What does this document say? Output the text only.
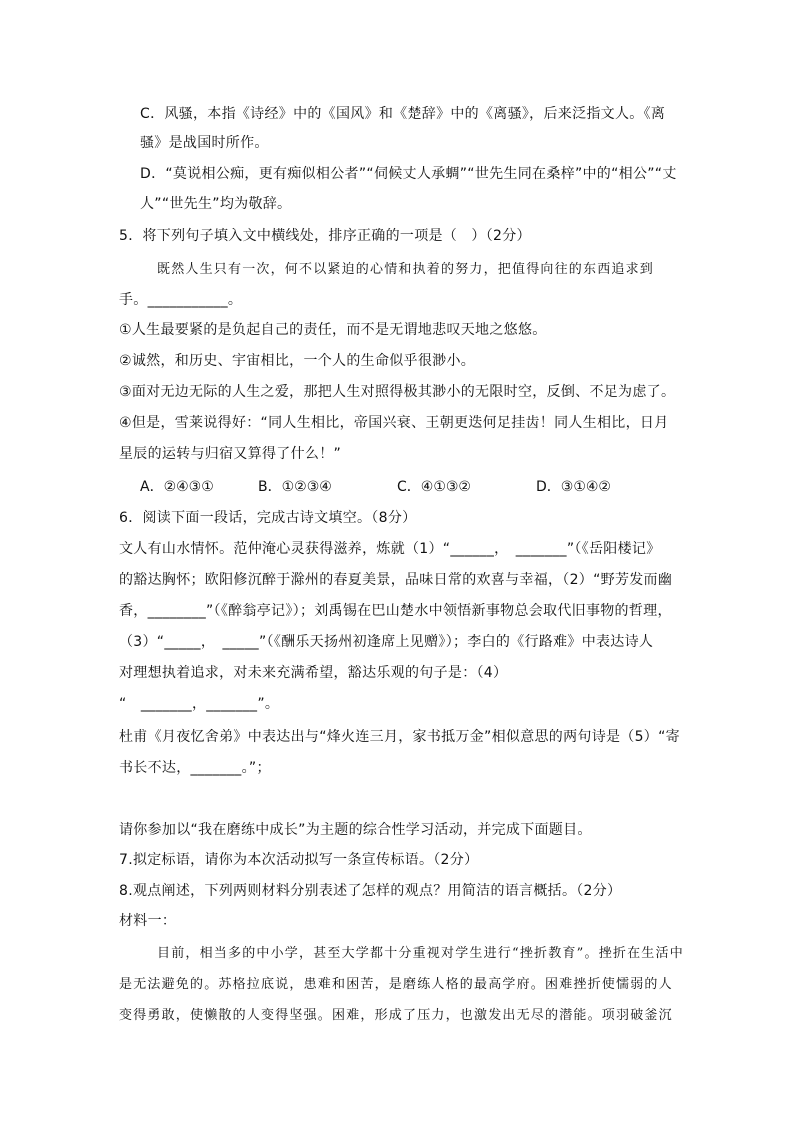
C．风骚，本指《诗经》中的《国风》和《楚辞》中的《离骚》，后来泛指文人。《离
骚》是战国时所作。
D．“莫说相公痴，更有痴似相公者”“伺候丈人承蜩”“世先生同在桑梓”中的“相公”“丈
人”“世先生”均为敬辞。
5．将下列句子填入文中横线处，排序正确的一项是（　）（2分）
既然人生只有一次，何不以紧迫的心情和执着的努力，把值得向往的东西追求到
手。___________。
①人生最要紧的是负起自己的责任，而不是无谓地悲叹天地之悠悠。
②诚然，和历史、宇宙相比，一个人的生命似乎很渺小。
③面对无边无际的人生之爱，那把人生对照得极其渺小的无限时空，反倒、不足为虑了。
④但是，雪莱说得好：“同人生相比，帝国兴衰、王朝更迭何足挂齿！同人生相比，日月
星辰的运转与归宿又算得了什么！”
A．②④③①	B．①②③④	C．④①③②	D．③①④②
6．阅读下面一段话，完成古诗文填空。（8分）
文人有山水情怀。范仲淹心灵获得滋养，炼就（1）“______，　_______”（《岳阳楼记》
的豁达胸怀；欧阳修沉醉于滁州的春夏美景，品味日常的欢喜与幸福，（2）“野芳发而幽
香，________”（《醉翁亭记》）；刘禹锡在巴山楚水中领悟新事物总会取代旧事物的哲理，
（3）“_____，　_____”（《酬乐天扬州初逢席上见赠》）；李白的《行路难》中表达诗人
对理想执着追求，对未来充满希望，豁达乐观的句子是：（4）
“　_______，_______”。
杜甫《月夜忆舍弟》中表达出与“烽火连三月，家书抵万金”相似意思的两句诗是（5）“寄
书长不达，_______。”；
请你参加以“我在磨练中成长”为主题的综合性学习活动，并完成下面题目。
7.拟定标语，请你为本次活动拟写一条宣传标语。（2分）
8.观点阐述，下列两则材料分别表述了怎样的观点？用简洁的语言概括。（2分）
材料一：
目前，相当多的中小学，甚至大学都十分重视对学生进行“挫折教育”。挫折在生活中
是无法避免的。苏格拉底说，患难和困苦，是磨练人格的最高学府。困难挫折使懦弱的人
变得勇敢，使懒散的人变得坚强。困难，形成了压力，也激发出无尽的潜能。项羽破釜沉
